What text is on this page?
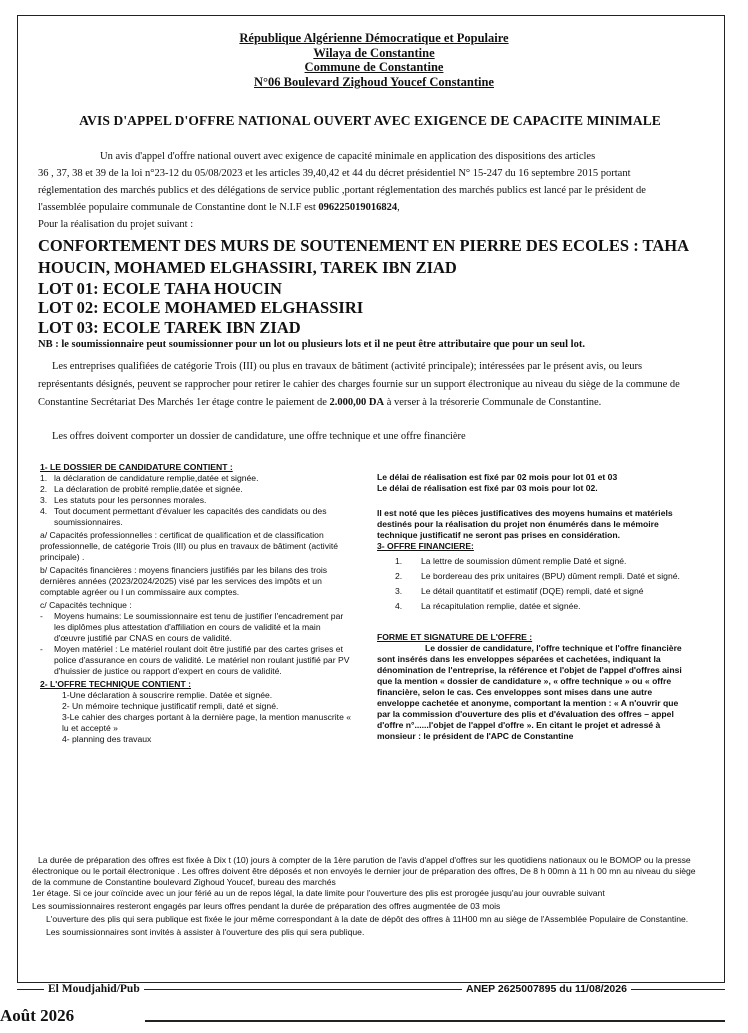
République Algérienne Démocratique et Populaire
Wilaya de Constantine
Commune de Constantine
N°06 Boulevard Zighoud Youcef Constantine
AVIS D'APPEL D'OFFRE NATIONAL OUVERT AVEC EXIGENCE DE CAPACITE MINIMALE
Un avis d'appel d'offre national ouvert avec exigence de capacité minimale en application des dispositions des articles
36 , 37, 38 et 39 de la loi n°23-12 du 05/08/2023 et les articles 39,40,42 et 44 du décret présidentiel N° 15-247 du 16 septembre 2015 portant réglementation des marchés publics et des délégations de service public ,portant réglementation des marchés publics est lancé par le président de l'assemblée populaire communale de Constantine dont le N.I.F est 096225019016824,
Pour la réalisation du projet suivant :
CONFORTEMENT DES MURS DE SOUTENEMENT EN PIERRE DES ECOLES : TAHA
HOUCIN, MOHAMED ELGHASSIRI, TAREK IBN ZIAD
LOT 01: ECOLE TAHA HOUCIN
LOT 02: ECOLE MOHAMED ELGHASSIRI
LOT 03: ECOLE TAREK IBN ZIAD
NB : le soumissionnaire peut soumissionner pour un lot ou plusieurs lots et il ne peut être attributaire que pour un seul lot.
Les entreprises qualifiées de catégorie Trois (III) ou plus en travaux de bâtiment (activité principale); intéressées par le présent avis, ou leurs représentants désignés, peuvent se rapprocher pour retirer le cahier des charges fournie sur un support électronique au niveau du siège de la commune de Constantine Secrétariat Des Marchés 1er étage contre le paiement de 2.000,00 DA à verser à la trésorerie Communale de Constantine.
Les offres doivent comporter un dossier de candidature, une offre technique et une offre financière
1- LE DOSSIER DE CANDIDATURE CONTIENT :
1. la déclaration de candidature remplie,datée et signée.
2. La déclaration de probité remplie,datée et signée.
3. Les statuts pour les personnes morales.
4. Tout document permettant d'évaluer les capacités des candidats ou des soumissionnaires.
a/ Capacités professionnelles : certificat de qualification et de classification professionnelle, de catégorie Trois (III) ou plus en travaux de bâtiment (activité principale) .
b/ Capacités financières : moyens financiers justifiés par les bilans des trois dernières années (2023/2024/2025) visé par les services des impôts et un comptable agréer ou l un commissaire aux comptes.
c/ Capacités technique :
-	Moyens humains: Le soumissionnaire est tenu de justifier l'encadrement par les diplômes plus attestation d'affiliation en cours de validité et la main d'œuvre justifié par CNAS en cours de validité.
-	Moyen matériel : Le matériel roulant doit être justifié par des cartes grises et police d'assurance en cours de validité. Le matériel non roulant justifié par PV d'huissier de justice ou rapport d'expert en cours de validité.
2- L'OFFRE TECHNIQUE CONTIENT :
1-Une déclaration à souscrire remplie. Datée et signée.
2- Un mémoire technique justificatif rempli, daté et signé.
3-Le cahier des charges portant à la dernière page, la mention manuscrite « lu et accepté »
4- planning des travaux
Le délai de réalisation est fixé par 02 mois pour lot 01 et 03
Le délai de réalisation est fixé par 03 mois pour lot 02.
Il est noté que les pièces justificatives des moyens humains et matériels destinés pour la réalisation du projet non énumérés dans le mémoire technique justificatif ne seront pas prises en considération.
3- OFFRE FINANCIERE:
1.	La lettre de soumission dûment remplie Daté et signé.
2.	Le bordereau des prix unitaires (BPU) dûment rempli. Daté et signé.
3.	Le détail quantitatif et estimatif (DQE) rempli, daté et signé
4.	La récapitulation remplie, datée et signée.
FORME ET SIGNATURE DE L'OFFRE :
Le dossier de candidature, l'offre technique et l'offre financière sont insérés dans les enveloppes séparées et cachetées, indiquant la dénomination de l'entreprise, la référence et l'objet de l'appel d'offres ainsi que la mention « dossier de candidature », « offre technique » ou « offre financière, selon le cas. Ces enveloppes sont mises dans une autre enveloppe cachetée et anonyme, comportant la mention : « A n'ouvrir que par la commission d'ouverture des plis et d'évaluation des offres – appel d'offre n°......l'objet de l'appel d'offre ». En citant le projet et adressé à monsieur : le président de l'APC de Constantine
La durée de préparation des offres est fixée à Dix t (10) jours à compter de la 1ère parution de l'avis d'appel d'offres sur les quotidiens nationaux ou le BOMOP ou la presse électronique ou le portail électronique . Les offres doivent être déposés et non envoyés le dernier jour de préparation des offres, De 8 h 00mn à 11 h 00 mn au niveau du siège de la commune de Constantine boulevard Zighoud Youcef, bureau des marchés
1er étage. Si ce jour coïncide avec un jour férié au un de repos légal, la date limite pour l'ouverture des plis est prorogée jusqu'au jour ouvrable suivant
Les soumissionnaires resteront engagés par leurs offres pendant la durée de préparation des offres augmentée de 03 mois
L'ouverture des plis qui sera publique est fixée le jour même correspondant à la date de dépôt des offres à 11H00 mn au siège de l'Assemblée Populaire de Constantine.
Les soumissionnaires sont invités à assister à l'ouverture des plis qui sera publique.
El Moudjahid/Pub	ANEP 2625007895 du 11/08/2026
Août 2026
